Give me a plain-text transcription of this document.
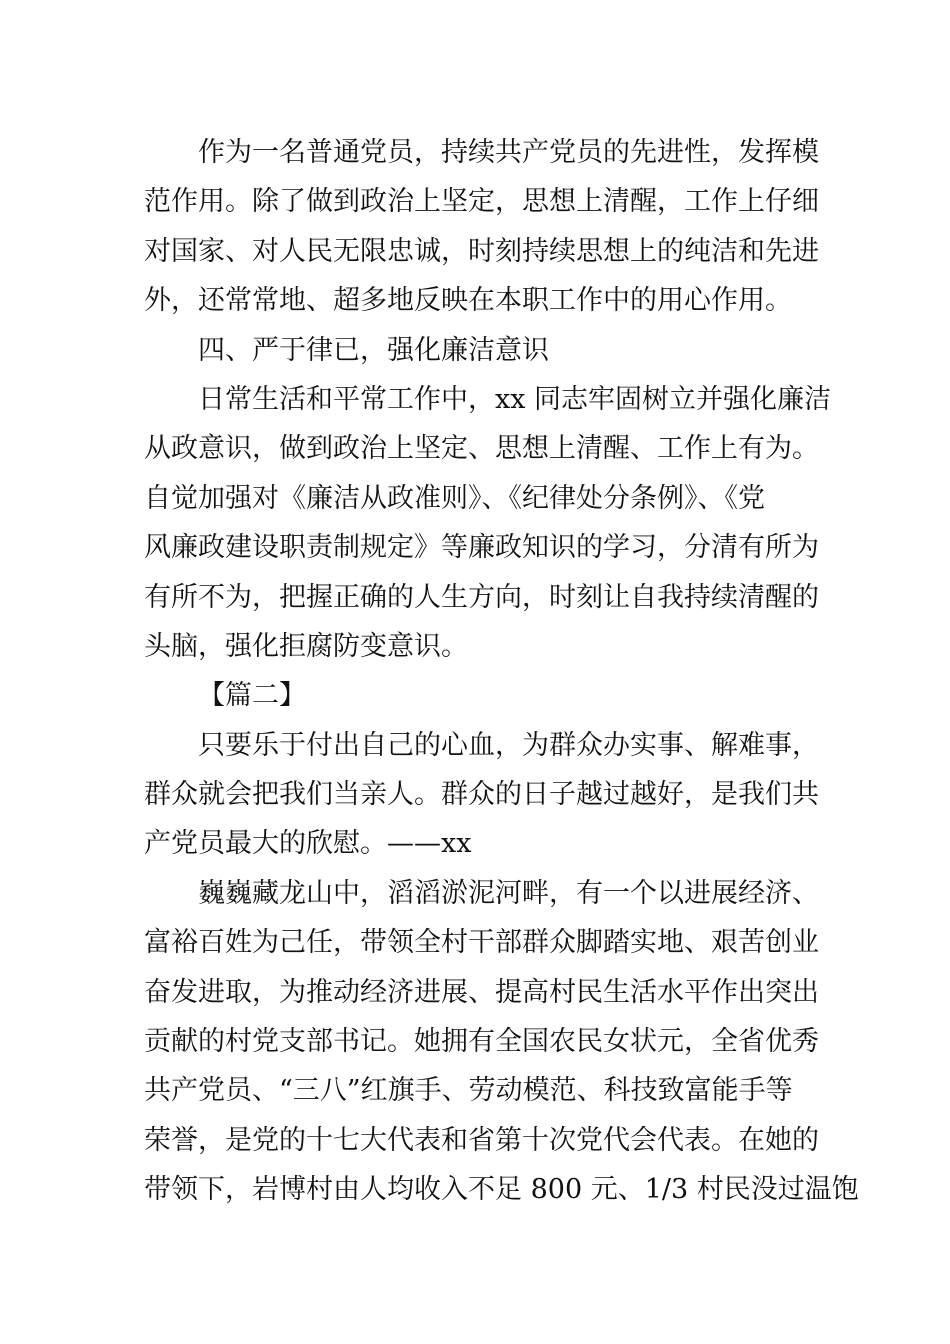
作为一名普通党员，持续共产党员的先进性，发挥模
范作用。除了做到政治上坚定，思想上清醒，工作上仔细
对国家、对人民无限忠诚，时刻持续思想上的纯洁和先进
外，还常常地、超多地反映在本职工作中的用心作用。
四、严于律已，强化廉洁意识
日常生活和平常工作中，xx 同志牢固树立并强化廉洁
从政意识，做到政治上坚定、思想上清醒、工作上有为。
自觉加强对《廉洁从政准则》、《纪律处分条例》、《党
风廉政建设职责制规定》等廉政知识的学习，分清有所为
有所不为，把握正确的人生方向，时刻让自我持续清醒的
头脑，强化拒腐防变意识。
【篇二】
只要乐于付出自己的心血，为群众办实事、解难事，
群众就会把我们当亲人。群众的日子越过越好，是我们共
产党员最大的欣慰。——xx
巍巍藏龙山中，滔滔淤泥河畔，有一个以进展经济、
富裕百姓为己任，带领全村干部群众脚踏实地、艰苦创业
奋发进取，为推动经济进展、提高村民生活水平作出突出
贡献的村党支部书记。她拥有全国农民女状元，全省优秀
共产党员、“三八”红旗手、劳动模范、科技致富能手等
荣誉，是党的十七大代表和省第十次党代会代表。在她的
带领下，岩博村由人均收入不足 800 元、1/3 村民没过温饱
